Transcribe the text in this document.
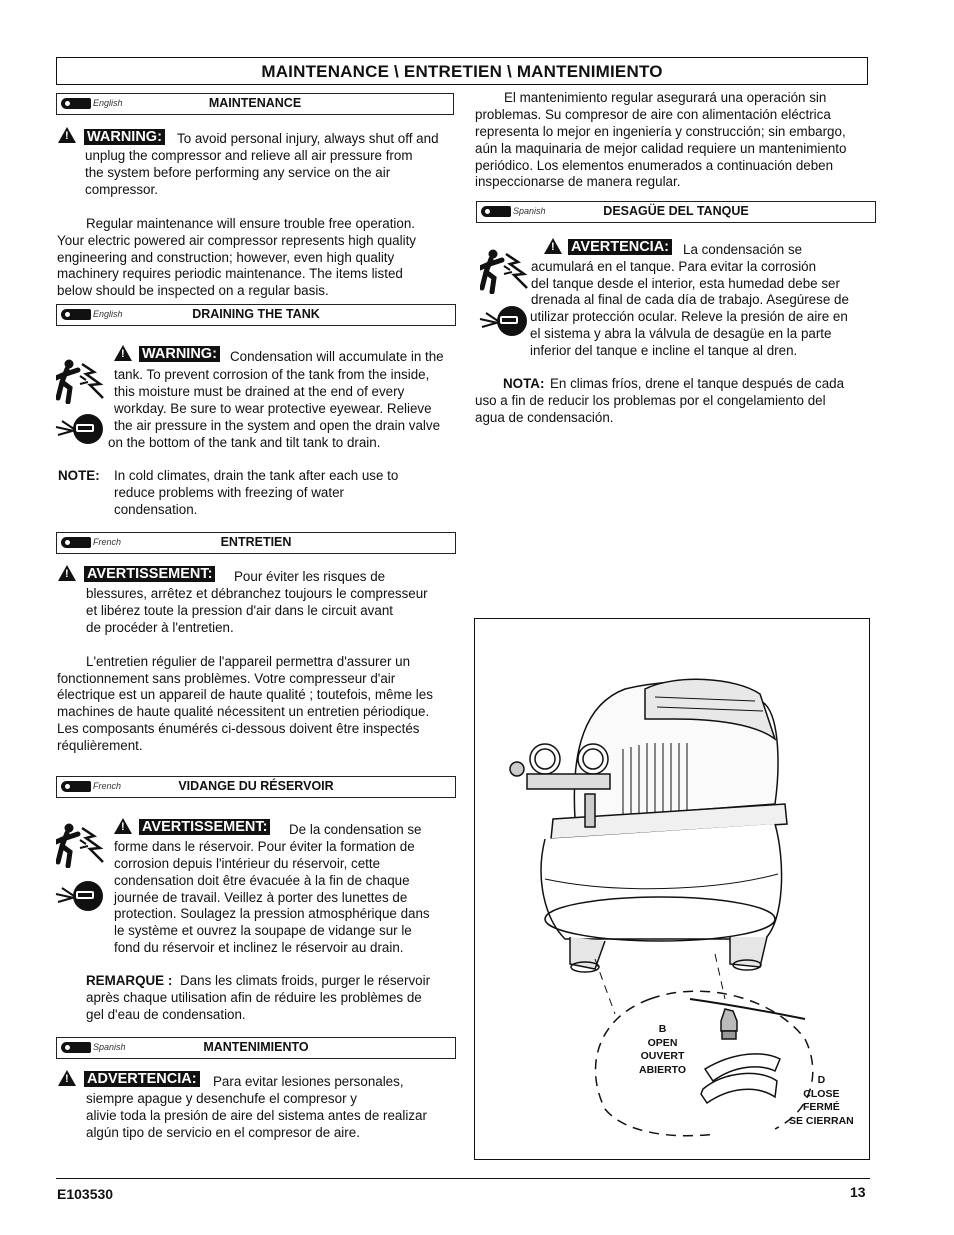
MAINTENANCE \ ENTRETIEN \ MANTENIMIENTO
English	MAINTENANCE
!
WARNING: To avoid personal injury, always shut off and
unplug the compressor and relieve all air pressure from
the system before performing any service on the air
compressor.
Regular maintenance will ensure trouble free operation.
Your electric powered air compressor represents high quality
engineering and construction; however, even high quality
machinery requires periodic maintenance. The items listed
below should be inspected on a regular basis.
English	DRAINING THE TANK
!
WARNING: Condensation will accumulate in the
tank. To prevent corrosion of the tank from the inside,
this moisture must be drained at the end of every
workday. Be sure to wear protective eyewear. Relieve
the air pressure in the system and open the drain valve
on the bottom of the tank and tilt tank to drain.
NOTE: In cold climates, drain the tank after each use to
reduce problems with freezing of water
condensation.
French	ENTRETIEN
!
AVERTISSEMENT: Pour éviter les risques de
blessures, arrêtez et débranchez toujours le compresseur
et libérez toute la pression d'air dans le circuit avant
de procéder à l'entretien.
L'entretien régulier de l'appareil permettra d'assurer un
fonctionnement sans problèmes. Votre compresseur d'air
électrique est un appareil de haute qualité ; toutefois, même les
machines de haute qualité nécessitent un entretien périodique.
Les composants énumérés ci-dessous doivent être inspectés
réqulièrement.
French	VIDANGE DU RÉSERVOIR
!
AVERTISSEMENT: De la condensation se
forme dans le réservoir. Pour éviter la formation de
corrosion depuis l'intérieur du réservoir, cette
condensation doit être évacuée à la fin de chaque
journée de travail. Veillez à porter des lunettes de
protection. Soulagez la pression atmosphérique dans
le système et ouvrez la soupape de vidange sur le
fond du réservoir et inclinez le réservoir au drain.
REMARQUE : Dans les climats froids, purger le réservoir
après chaque utilisation afin de réduire les problèmes de
gel d'eau de condensation.
Spanish	MANTENIMIENTO
!
ADVERTENCIA: Para evitar lesiones personales,
siempre apague y desenchufe el compresor y
alivie toda la presión de aire del sistema antes de realizar
algún tipo de servicio en el compresor de aire.
El mantenimiento regular asegurará una operación sin
problemas. Su compresor de aire con alimentación eléctrica
representa lo mejor en ingeniería y construcción; sin embargo,
aún la maquinaria de mejor calidad requiere un mantenimiento
periódico. Los elementos enumerados a continuación deben
inspeccionarse de manera regular.
Spanish	DESAGÜE DEL TANQUE
!
AVERTENCIA: La condensación se
acumulará en el tanque. Para evitar la corrosión
del tanque desde el interior, esta humedad debe ser
drenada al final de cada día de trabajo. Asegúrese de
utilizar protección ocular. Releve la presión de aire en
el sistema y abra la válvula de desagüe en la parte
inferior del tanque e incline el tanque al dren.
NOTA: En climas fríos, drene el tanque después de cada
uso a fin de reducir los problemas por el congelamiento del
agua de condensación.
B
OPEN
OUVERT
ABIERTO
D
CLOSE
FERMÉ
SE CIERRAN
E103530	13
